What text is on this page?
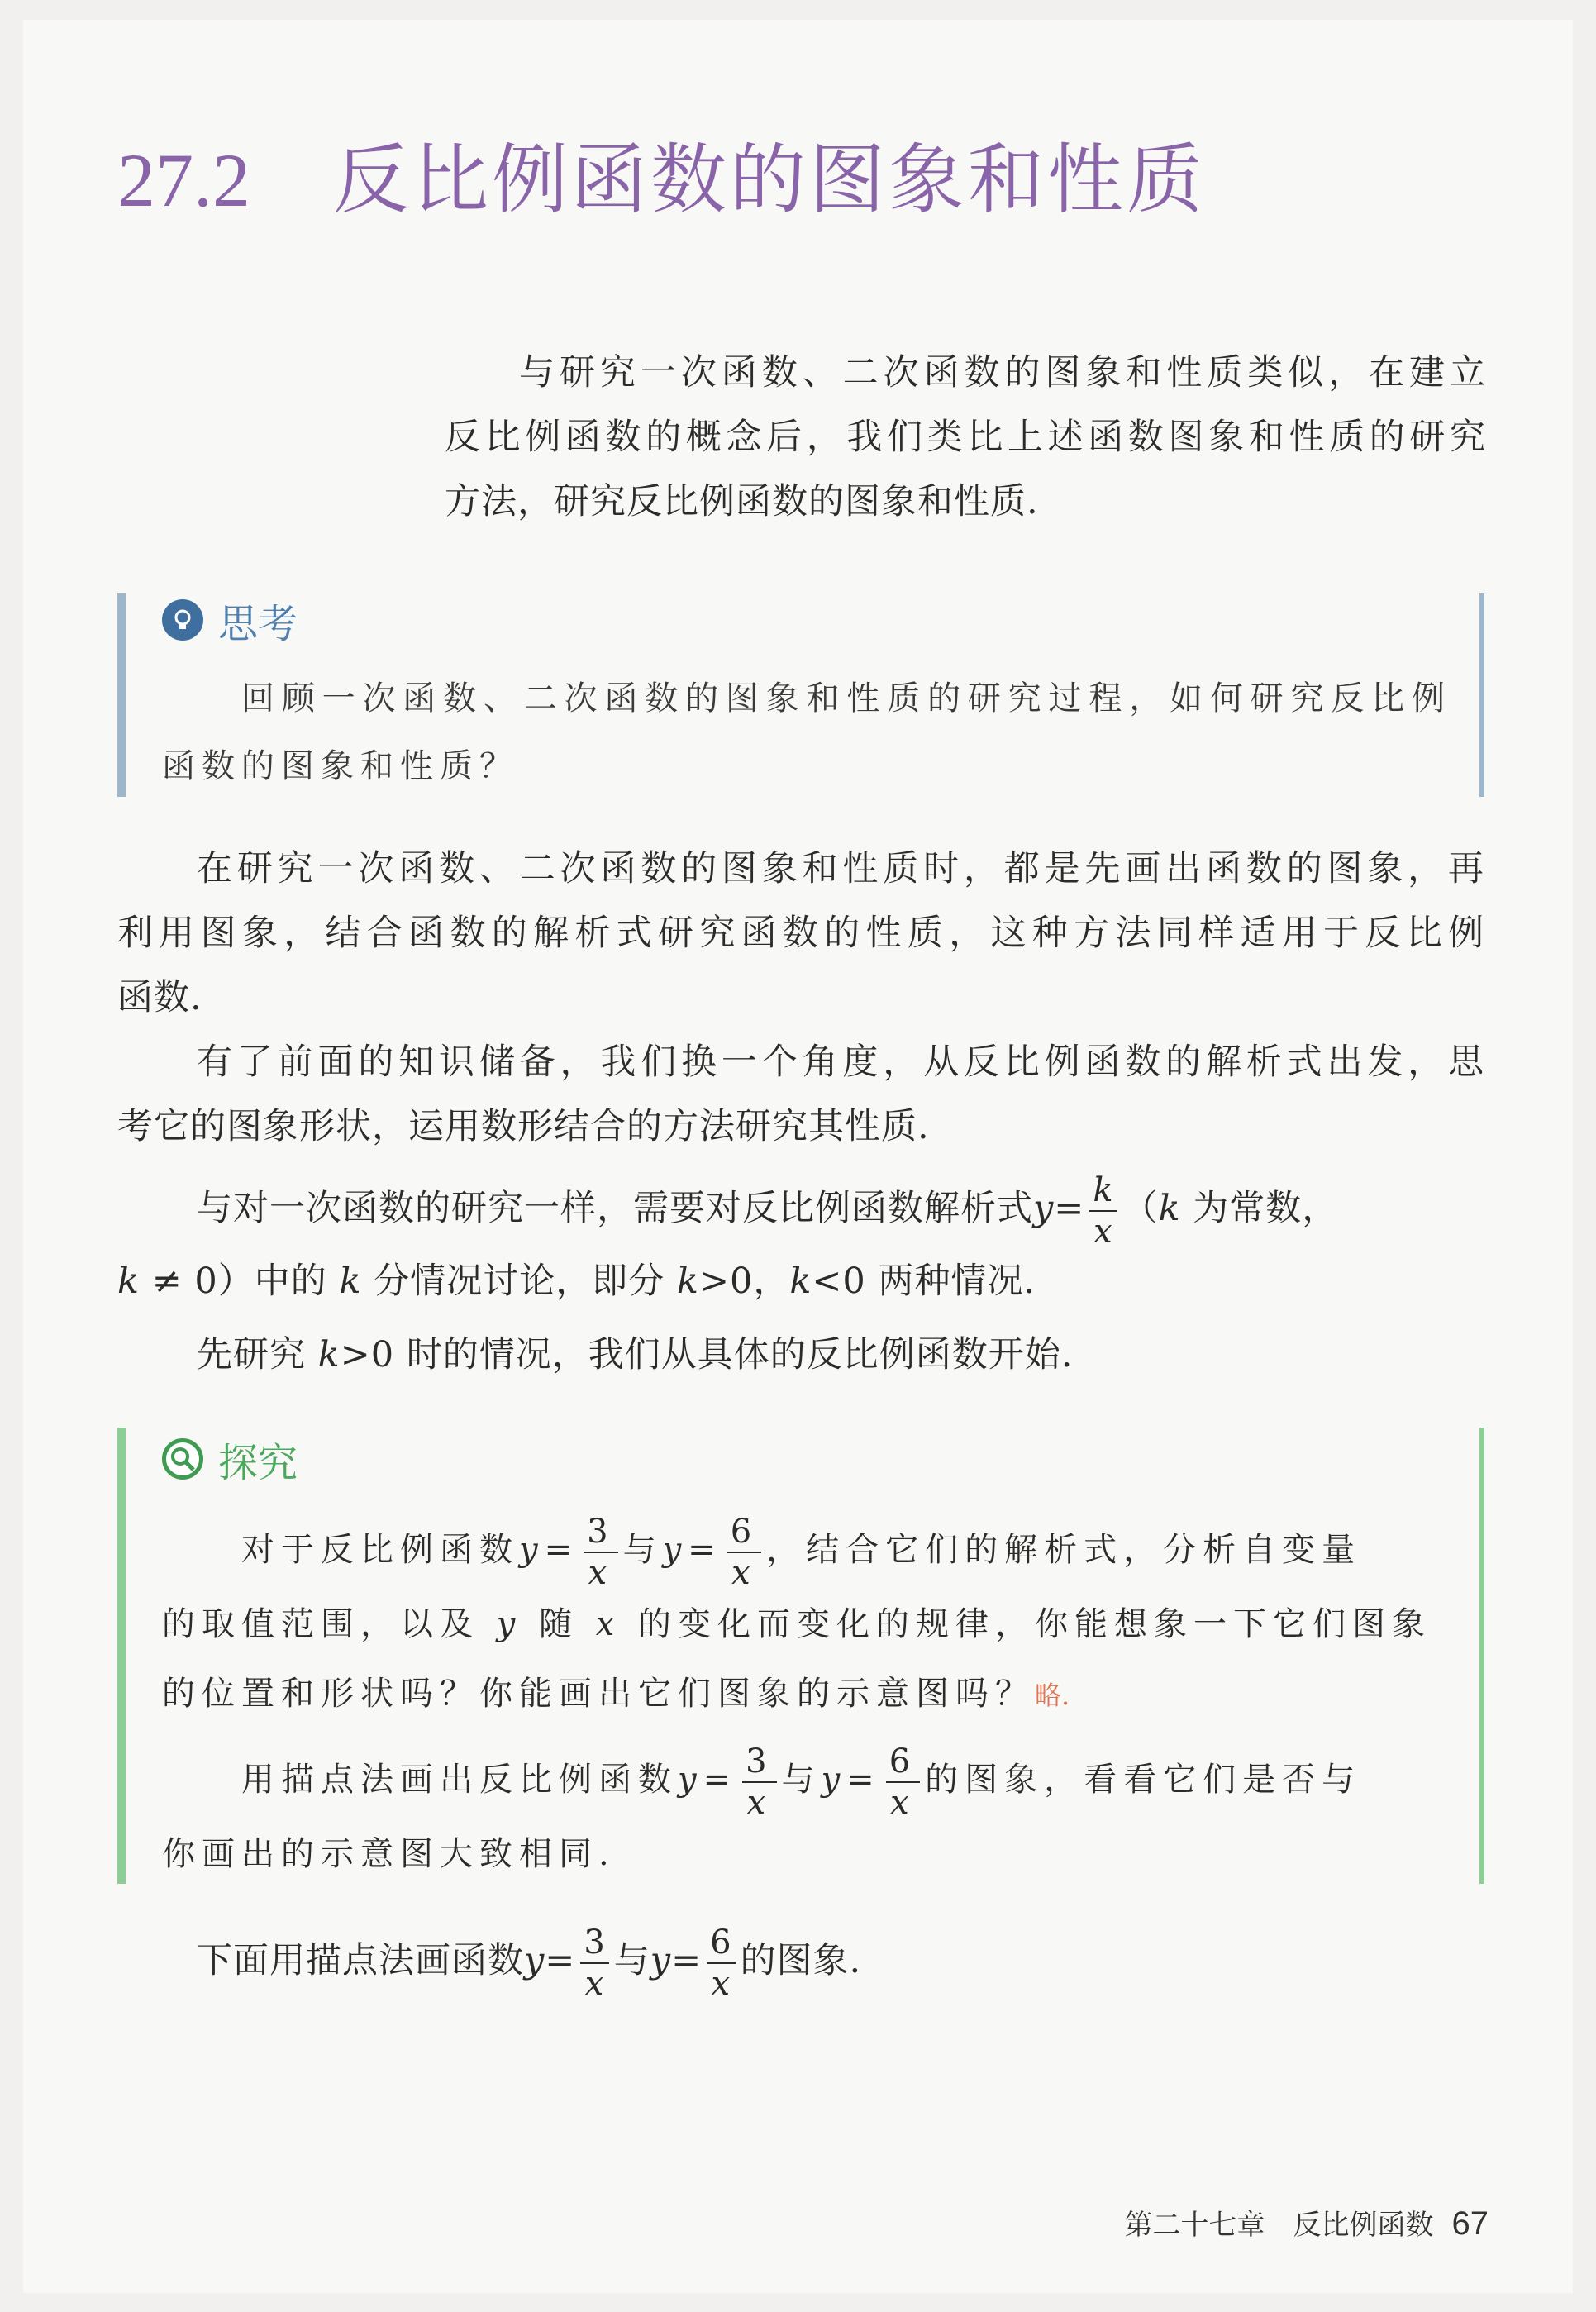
27.2 反比例函数的图象和性质
与研究一次函数、二次函数的图象和性质类似，在建立
反比例函数的概念后，我们类比上述函数图象和性质的研究
方法，研究反比例函数的图象和性质.
思考
回顾一次函数、二次函数的图象和性质的研究过程，如何研究反比例
函数的图象和性质？
在研究一次函数、二次函数的图象和性质时，都是先画出函数的图象，再
利用图象，结合函数的解析式研究函数的性质，这种方法同样适用于反比例
函数.
有了前面的知识储备，我们换一个角度，从反比例函数的解析式出发，思
考它的图象形状，运用数形结合的方法研究其性质.
与对一次函数的研究一样，需要对反比例函数解析式$y= \frac{k}{x} (k$ 为常数，
k ≠ 0）中的 k 分情况讨论，即分 k>0，k<0 两种情况.
先研究 k>0 时的情况，我们从具体的反比例函数开始.
探究
对于反比例函数$y= \frac{3}{x}$ 与$y= \frac{6}{x}$ ，结合它们的解析式，分析自变量
的取值范围，以及 y 随 x 的变化而变化的规律，你能想象一下它们图象
的位置和形状吗？你能画出它们图象的示意图吗？略.
用描点法画出反比例函数$y= \frac{3}{x}$ 与$y= \frac{6}{x}$ 的图象，看看它们是否与
你画出的示意图大致相同.
下面用描点法画函数$y= \frac{3}{x}$ 与$y= \frac{6}{x}$ 的图象.
第二十七章　反比例函数 67
